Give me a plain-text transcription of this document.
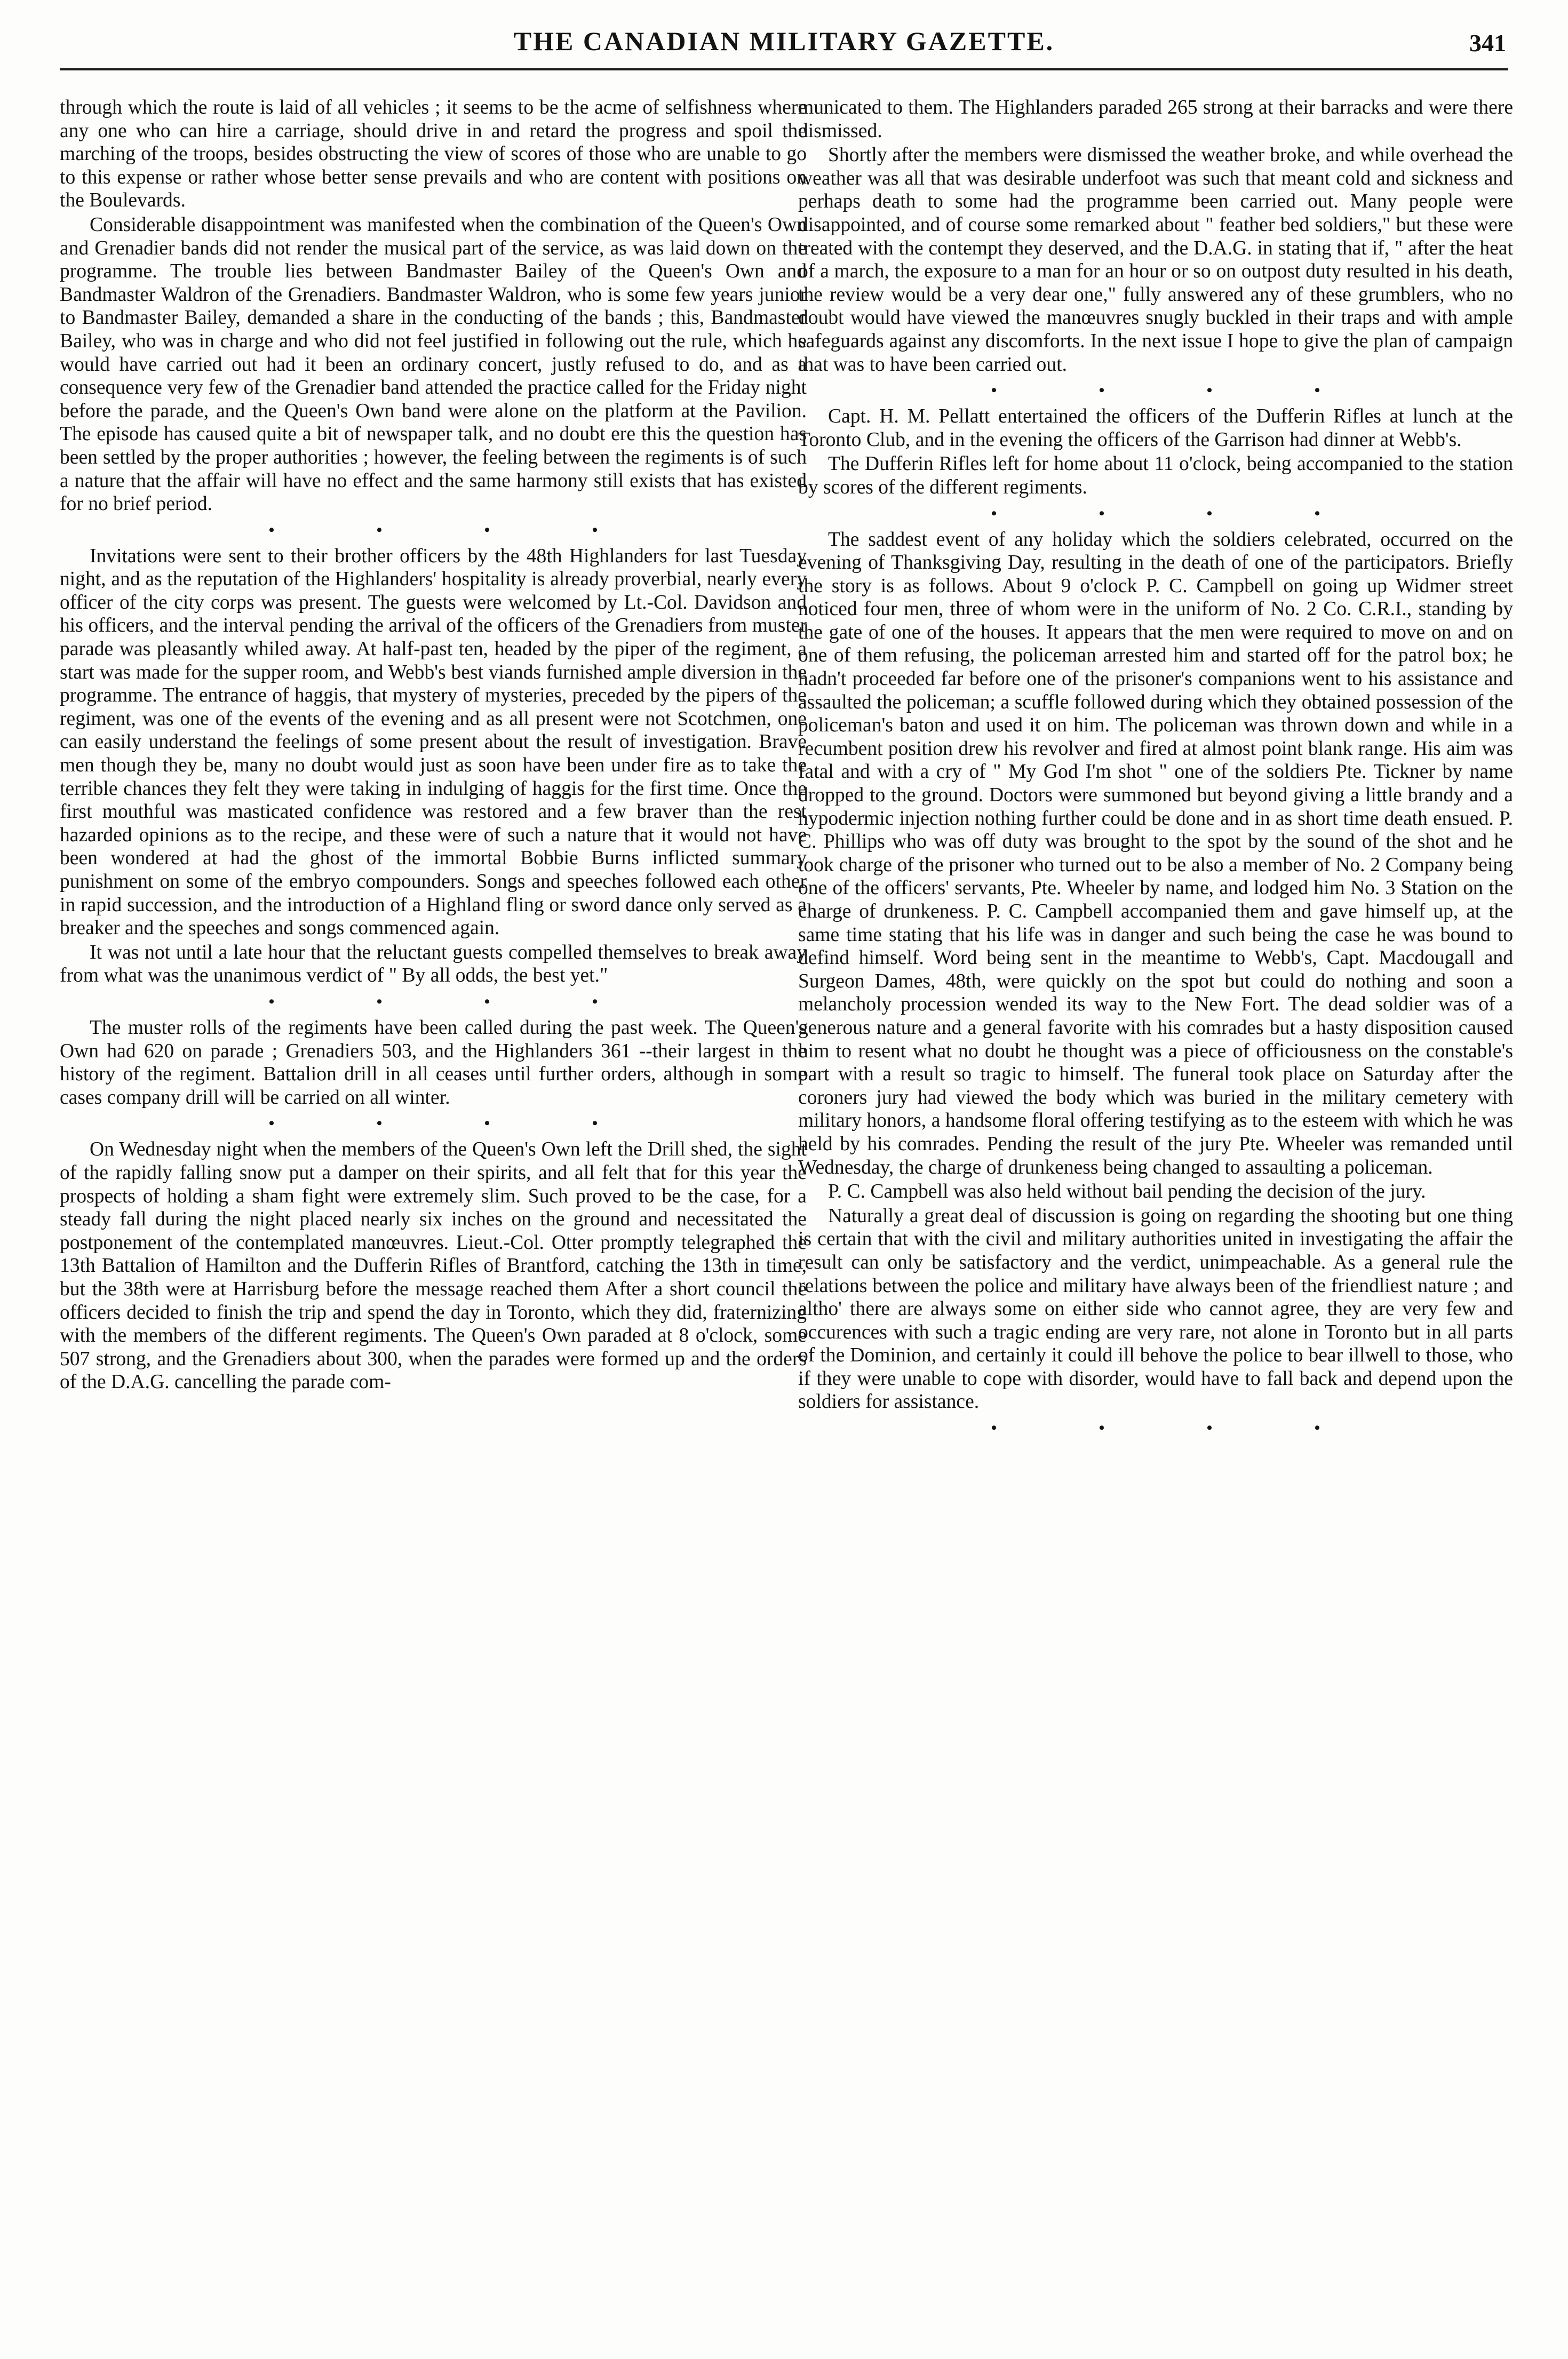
THE CANADIAN MILITARY GAZETTE.	341

through which the route is laid of all vehicles ; it seems to be the acme of selfishness where any one who can hire a carriage, should drive in and retard the progress and spoil the marching of the troops, besides obstructing the view of scores of those who are unable to go to this expense or rather whose better sense prevails and who are content with positions on the Boulevards.

Considerable disappointment was manifested when the combination of the Queen's Own and Grenadier bands did not render the musical part of the service, as was laid down on the programme. The trouble lies between Bandmaster Bailey of the Queen's Own and Bandmaster Waldron of the Grenadiers. Bandmaster Waldron, who is some few years junior to Bandmaster Bailey, demanded a share in the conducting of the bands ; this, Bandmaster Bailey, who was in charge and who did not feel justified in following out the rule, which he would have carried out had it been an ordinary concert, justly refused to do, and as a consequence very few of the Grenadier band attended the practice called for the Friday night before the parade, and the Queen's Own band were alone on the platform at the Pavilion. The episode has caused quite a bit of newspaper talk, and no doubt ere this the question has been settled by the proper authorities ; however, the feeling between the regiments is of such a nature that the affair will have no effect and the same harmony still exists that has existed for no brief period.

• • • •

Invitations were sent to their brother officers by the 48th Highlanders for last Tuesday night, and as the reputation of the Highlanders' hospitality is already proverbial, nearly every officer of the city corps was present. The guests were welcomed by Lt.-Col. Davidson and his officers, and the interval pending the arrival of the officers of the Grenadiers from muster parade was pleasantly whiled away. At half-past ten, headed by the piper of the regiment, a start was made for the supper room, and Webb's best viands furnished ample diversion in the programme. The entrance of haggis, that mystery of mysteries, preceded by the pipers of the regiment, was one of the events of the evening and as all present were not Scotchmen, one can easily understand the feelings of some present about the result of investigation. Brave men though they be, many no doubt would just as soon have been under fire as to take the terrible chances they felt they were taking in indulging of haggis for the first time. Once the first mouthful was masticated confidence was restored and a few braver than the rest hazarded opinions as to the recipe, and these were of such a nature that it would not have been wondered at had the ghost of the immortal Bobbie Burns inflicted summary punishment on some of the embryo compounders. Songs and speeches followed each other in rapid succession, and the introduction of a Highland fling or sword dance only served as a breaker and the speeches and songs commenced again.

It was not until a late hour that the reluctant guests compelled themselves to break away from what was the unanimous verdict of " By all odds, the best yet."

• • • •

The muster rolls of the regiments have been called during the past week. The Queen's Own had 620 on parade ; Grenadiers 503, and the Highlanders 361 --their largest in the history of the regiment. Battalion drill in all ceases until further orders, although in some cases company drill will be carried on all winter.

• • • •

On Wednesday night when the members of the Queen's Own left the Drill shed, the sight of the rapidly falling snow put a damper on their spirits, and all felt that for this year the prospects of holding a sham fight were extremely slim. Such proved to be the case, for a steady fall during the night placed nearly six inches on the ground and necessitated the postponement of the contemplated manœuvres. Lieut.-Col. Otter promptly telegraphed the 13th Battalion of Hamilton and the Dufferin Rifles of Brantford, catching the 13th in time, but the 38th were at Harrisburg before the message reached them After a short council the officers decided to finish the trip and spend the day in Toronto, which they did, fraternizing with the members of the different regiments. The Queen's Own paraded at 8 o'clock, some 507 strong, and the Grenadiers about 300, when the parades were formed up and the orders of the D.A.G. cancelling the parade com-

municated to them. The Highlanders paraded 265 strong at their barracks and were there dismissed.

Shortly after the members were dismissed the weather broke, and while overhead the weather was all that was desirable underfoot was such that meant cold and sickness and perhaps death to some had the programme been carried out. Many people were disappointed, and of course some remarked about " feather bed soldiers," but these were treated with the contempt they deserved, and the D.A.G. in stating that if, " after the heat of a march, the exposure to a man for an hour or so on outpost duty resulted in his death, the review would be a very dear one," fully answered any of these grumblers, who no doubt would have viewed the manœuvres snugly buckled in their traps and with ample safeguards against any discomforts. In the next issue I hope to give the plan of campaign that was to have been carried out.

• • • •

Capt. H. M. Pellatt entertained the officers of the Dufferin Rifles at lunch at the Toronto Club, and in the evening the officers of the Garrison had dinner at Webb's.

The Dufferin Rifles left for home about 11 o'clock, being accompanied to the station by scores of the different regiments.

• • • •

The saddest event of any holiday which the soldiers celebrated, occurred on the evening of Thanksgiving Day, resulting in the death of one of the participators. Briefly the story is as follows. About 9 o'clock P. C. Campbell on going up Widmer street noticed four men, three of whom were in the uniform of No. 2 Co. C.R.I., standing by the gate of one of the houses. It appears that the men were required to move on and on one of them refusing, the policeman arrested him and started off for the patrol box; he hadn't proceeded far before one of the prisoner's companions went to his assistance and assaulted the policeman; a scuffle followed during which they obtained possession of the policeman's baton and used it on him. The policeman was thrown down and while in a recumbent position drew his revolver and fired at almost point blank range. His aim was fatal and with a cry of " My God I'm shot " one of the soldiers Pte. Tickner by name dropped to the ground. Doctors were summoned but beyond giving a little brandy and a hypodermic injection nothing further could be done and in as short time death ensued. P. C. Phillips who was off duty was brought to the spot by the sound of the shot and he took charge of the prisoner who turned out to be also a member of No. 2 Company being one of the officers' servants, Pte. Wheeler by name, and lodged him No. 3 Station on the charge of drunkeness. P. C. Campbell accompanied them and gave himself up, at the same time stating that his life was in danger and such being the case he was bound to defind himself. Word being sent in the meantime to Webb's, Capt. Macdougall and Surgeon Dames, 48th, were quickly on the spot but could do nothing and soon a melancholy procession wended its way to the New Fort. The dead soldier was of a generous nature and a general favorite with his comrades but a hasty disposition caused him to resent what no doubt he thought was a piece of officiousness on the constable's part with a result so tragic to himself. The funeral took place on Saturday after the coroners jury had viewed the body which was buried in the military cemetery with military honors, a handsome floral offering testifying as to the esteem with which he was held by his comrades. Pending the result of the jury Pte. Wheeler was remanded until Wednesday, the charge of drunkeness being changed to assaulting a policeman.

P. C. Campbell was also held without bail pending the decision of the jury.

Naturally a great deal of discussion is going on regarding the shooting but one thing is certain that with the civil and military authorities united in investigating the affair the result can only be satisfactory and the verdict, unimpeachable. As a general rule the relations between the police and military have always been of the friendliest nature ; and altho' there are always some on either side who cannot agree, they are very few and occurences with such a tragic ending are very rare, not alone in Toronto but in all parts of the Dominion, and certainly it could ill behove the police to bear illwell to those, who if they were unable to cope with disorder, would have to fall back and depend upon the soldiers for assistance.

• • • •
